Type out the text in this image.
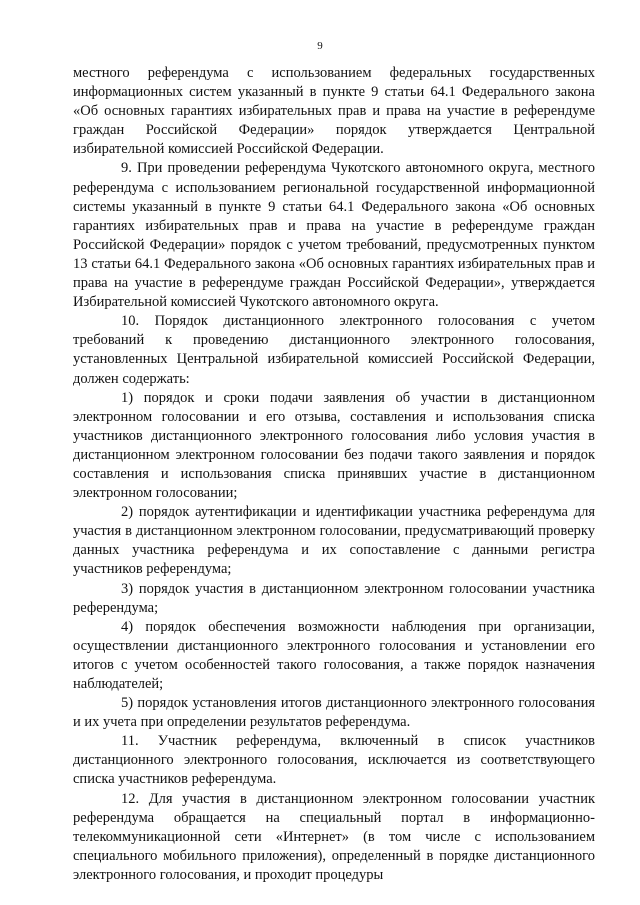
9

местного референдума с использованием федеральных государственных информационных систем указанный в пункте 9 статьи 64.1 Федерального закона «Об основных гарантиях избирательных прав и права на участие в референдуме граждан Российской Федерации» порядок утверждается Центральной избирательной комиссией Российской Федерации.

9. При проведении референдума Чукотского автономного округа, местного референдума с использованием региональной государственной информационной системы указанный в пункте 9 статьи 64.1 Федерального закона «Об основных гарантиях избирательных прав и права на участие в референдуме граждан Российской Федерации» порядок с учетом требований, предусмотренных пунктом 13 статьи 64.1 Федерального закона «Об основных гарантиях избирательных прав и права на участие в референдуме граждан Российской Федерации», утверждается Избирательной комиссией Чукотского автономного округа.

10. Порядок дистанционного электронного голосования с учетом требований к проведению дистанционного электронного голосования, установленных Центральной избирательной комиссией Российской Федерации, должен содержать:

1) порядок и сроки подачи заявления об участии в дистанционном электронном голосовании и его отзыва, составления и использования списка участников дистанционного электронного голосования либо условия участия в дистанционном электронном голосовании без подачи такого заявления и порядок составления и использования списка принявших участие в дистанционном электронном голосовании;

2) порядок аутентификации и идентификации участника референдума для участия в дистанционном электронном голосовании, предусматривающий проверку данных участника референдума и их сопоставление с данными регистра участников референдума;

3) порядок участия в дистанционном электронном голосовании участника референдума;

4) порядок обеспечения возможности наблюдения при организации, осуществлении дистанционного электронного голосования и установлении его итогов с учетом особенностей такого голосования, а также порядок назначения наблюдателей;

5) порядок установления итогов дистанционного электронного голосования и их учета при определении результатов референдума.

11. Участник референдума, включенный в список участников дистанционного электронного голосования, исключается из соответствующего списка участников референдума.

12. Для участия в дистанционном электронном голосовании участник референдума обращается на специальный портал в информационно-телекоммуникационной сети «Интернет» (в том числе с использованием специального мобильного приложения), определенный в порядке дистанционного электронного голосования, и проходит процедуры
